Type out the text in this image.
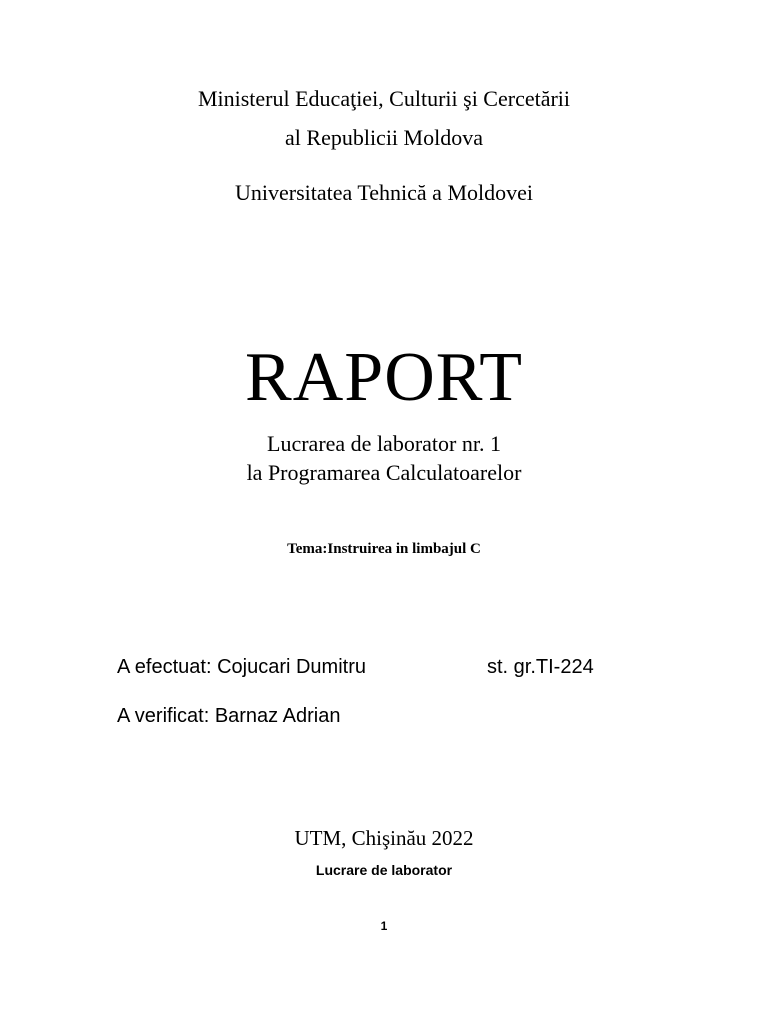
Ministerul Educaţiei, Culturii şi Cercetării
al Republicii Moldova
Universitatea Tehnică a Moldovei
RAPORT
Lucrarea de laborator nr. 1
la Programarea Calculatoarelor
Tema:Instruirea in limbajul C
A efectuat: Cojucari Dumitru	st. gr.TI-224
A verificat: Barnaz Adrian
UTM, Chişinău 2022
Lucrare de laborator
1
